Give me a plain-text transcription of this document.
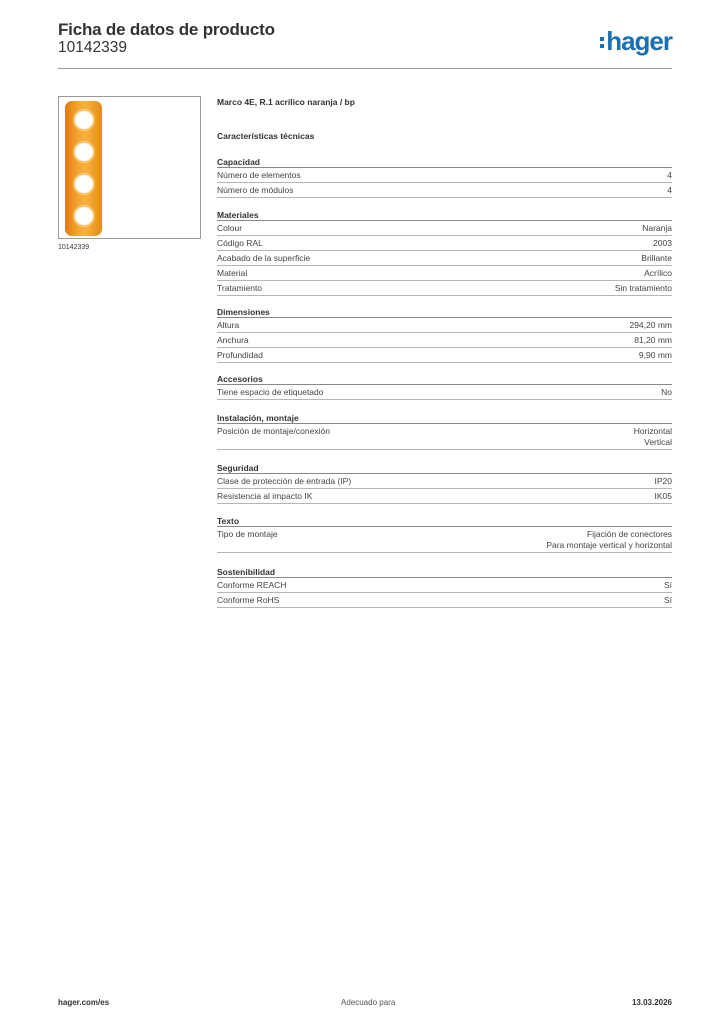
Ficha de datos de producto
10142339	hager
10142339
Marco 4E, R.1 acrílico naranja / bp
Características técnicas
Capacidad
Número de elementos	4
Número de módulos	4
Materiales
Colour	Naranja
Código RAL	2003
Acabado de la superficie	Brillante
Material	Acrílico
Tratamiento	Sin tratamiento
Dimensiones
Altura	294,20 mm
Anchura	81,20 mm
Profundidad	9,90 mm
Accesorios
Tiene espacio de etiquetado	No
Instalación, montaje
Posición de montaje/conexión	Horizontal
Vertical
Seguridad
Clase de protección de entrada (IP)	IP20
Resistencia al impacto IK	IK05
Texto
Tipo de montaje	Fijación de conectores
Para montaje vertical y horizontal
Sostenibilidad
Conforme REACH	Sí
Conforme RoHS	Sí
hager.com/es	Adecuado para	13.03.2026
